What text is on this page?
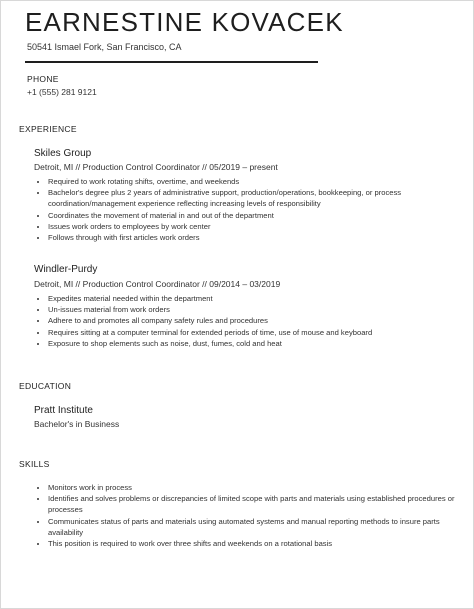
EARNESTINE KOVACEK
50541 Ismael Fork, San Francisco, CA
PHONE
+1 (555) 281 9121
EXPERIENCE
Skiles Group
Detroit, MI // Production Control Coordinator // 05/2019 – present
• Required to work rotating shifts, overtime, and weekends
• Bachelor's degree plus 2 years of administrative support, production/operations, bookkeeping, or process coordination/management experience reflecting increasing levels of responsibility
• Coordinates the movement of material in and out of the department
• Issues work orders to employees by work center
• Follows through with first articles work orders
Windler-Purdy
Detroit, MI // Production Control Coordinator // 09/2014 – 03/2019
• Expedites material needed within the department
• Un-issues material from work orders
• Adhere to and promotes all company safety rules and procedures
• Requires sitting at a computer terminal for extended periods of time, use of mouse and keyboard
• Exposure to shop elements such as noise, dust, fumes, cold and heat
EDUCATION
Pratt Institute
Bachelor's in Business
SKILLS
• Monitors work in process
• Identifies and solves problems or discrepancies of limited scope with parts and materials using established procedures or processes
• Communicates status of parts and materials using automated systems and manual reporting methods to insure parts availability
• This position is required to work over three shifts and weekends on a rotational basis
